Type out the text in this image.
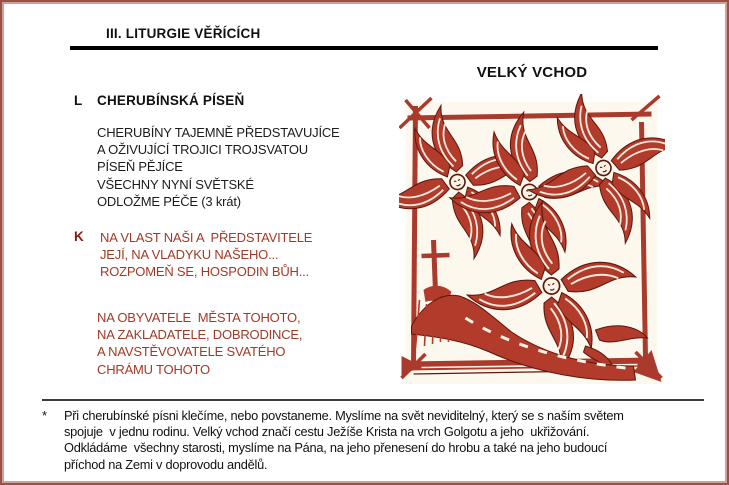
III. LITURGIE VĚŘÍCÍCH
VELKÝ VCHOD
L CHERUBÍNSKÁ PÍSEŇ
CHERUBÍNY TAJEMNĚ PŘEDSTAVUJÍCE
A OŽIVUJÍCÍ TROJICI TROJSVATOU
PÍSEŇ PĚJÍCE
VŠECHNY NYNÍ SVĚTSKÉ
ODLOŽME PÉČE (3 krát)
K NA VLAST NAŠI A  PŘEDSTAVITELE
JEJÍ, NA VLADYKU NAŠEHO...
ROZPOMEŇ SE, HOSPODIN BŮH...
NA OBYVATELE  MĚSTA TOHOTO,
NA ZAKLADATELE, DOBRODINCE,
A NAVSTĚVOVATELE SVATÉHO
CHRÁMU TOHOTO
*	Při cherubínské písni klečíme, nebo povstaneme. Myslíme na svět neviditelný, který se s naším světem
spojuje  v jednu rodinu. Velký vchod značí cestu Ježíše Krista na vrch Golgotu a jeho  ukřižování.
Odkládáme  všechny starosti, myslíme na Pána, na jeho přenesení do hrobu a také na jeho budoucí
příchod na Zemi v doprovodu andělů.
